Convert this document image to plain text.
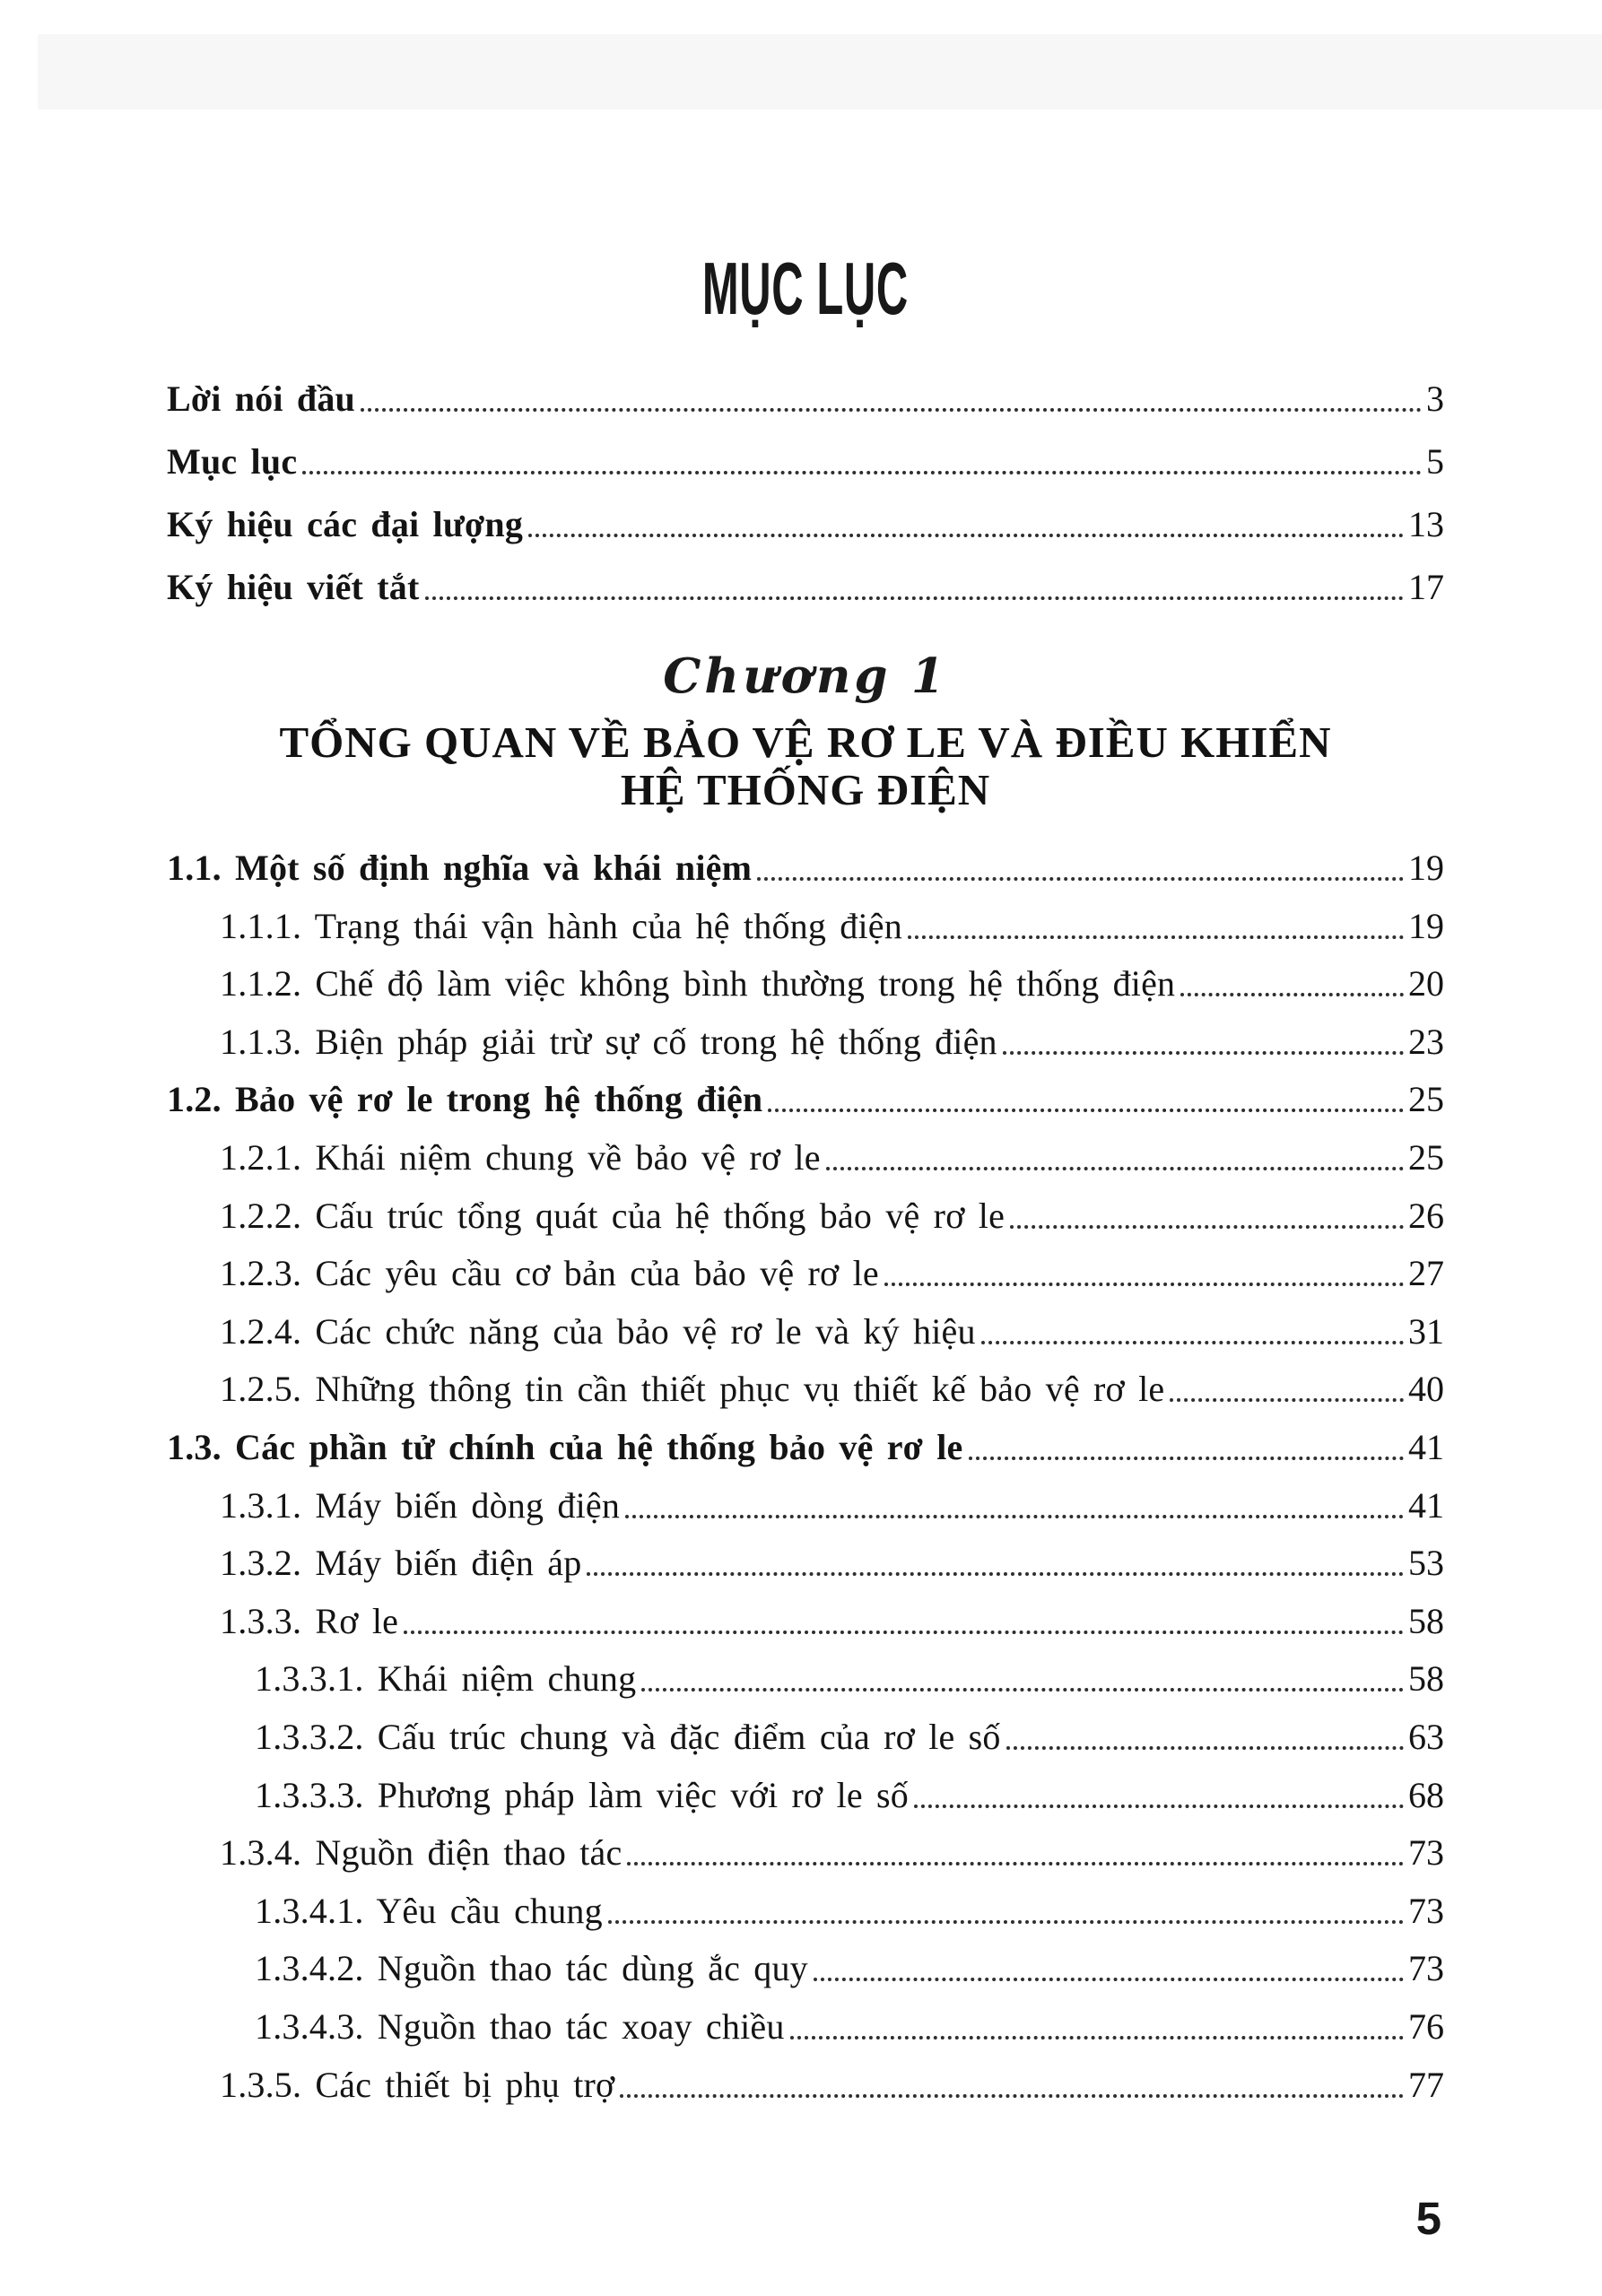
MỤC LỤC
Lời nói đầu	3
Mục lục	5
Ký hiệu các đại lượng	13
Ký hiệu viết tắt	17
Chương 1
TỔNG QUAN VỀ BẢO VỆ RƠ LE VÀ ĐIỀU KHIỂN
HỆ THỐNG ĐIỆN
1.1. Một số định nghĩa và khái niệm	19
1.1.1. Trạng thái vận hành của hệ thống điện	19
1.1.2. Chế độ làm việc không bình thường trong hệ thống điện	20
1.1.3. Biện pháp giải trừ sự cố trong hệ thống điện	23
1.2. Bảo vệ rơ le trong hệ thống điện	25
1.2.1. Khái niệm chung về bảo vệ rơ le	25
1.2.2. Cấu trúc tổng quát của hệ thống bảo vệ rơ le	26
1.2.3. Các yêu cầu cơ bản của bảo vệ rơ le	27
1.2.4. Các chức năng của bảo vệ rơ le và ký hiệu	31
1.2.5. Những thông tin cần thiết phục vụ thiết kế bảo vệ rơ le	40
1.3. Các phần tử chính của hệ thống bảo vệ rơ le	41
1.3.1. Máy biến dòng điện	41
1.3.2. Máy biến điện áp	53
1.3.3. Rơ le	58
1.3.3.1. Khái niệm chung	58
1.3.3.2. Cấu trúc chung và đặc điểm của rơ le số	63
1.3.3.3. Phương pháp làm việc với rơ le số	68
1.3.4. Nguồn điện thao tác	73
1.3.4.1. Yêu cầu chung	73
1.3.4.2. Nguồn thao tác dùng ắc quy	73
1.3.4.3. Nguồn thao tác xoay chiều	76
1.3.5. Các thiết bị phụ trợ	77
5
